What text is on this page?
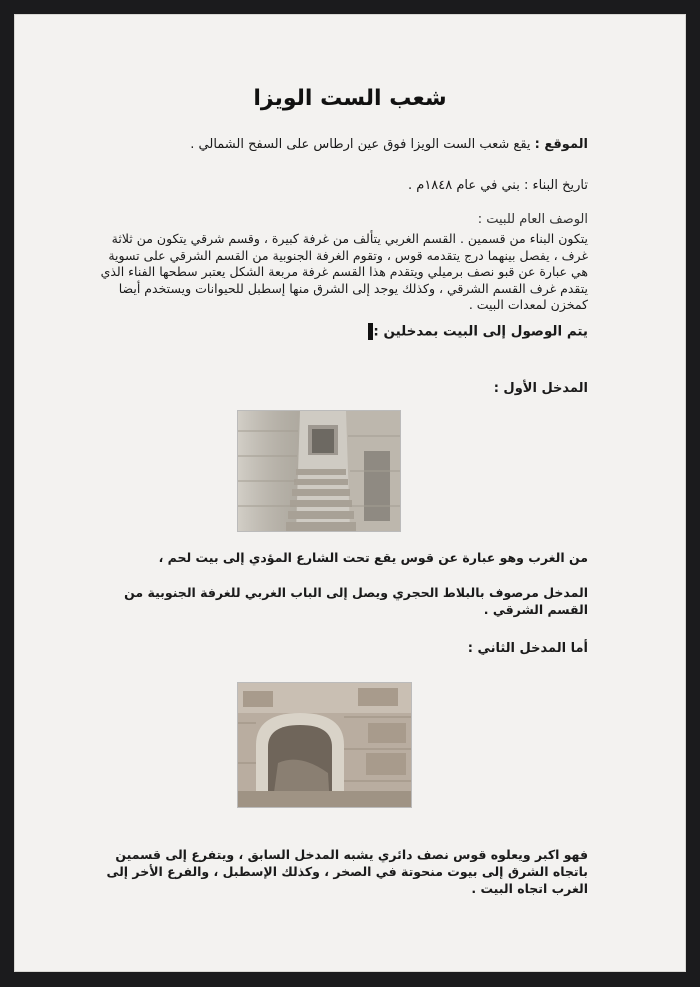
شعب الست الويزا
الموقع : يقع شعب الست الويزا فوق عين ارطاس على السفح الشمالي .
تاريخ البناء : بني في عام ١٨٤٨م .
الوصف العام للبيت :
يتكون البناء من قسمين . القسم الغربي يتألف من غرفة كبيرة ، وقسم شرقي يتكون من ثلاثة غرف ، يفصل بينهما درج يتقدمه قوس ، وتقوم الغرفة الجنوبية من القسم الشرقي على تسوية هي عبارة عن قبو نصف برميلي ويتقدم هذا القسم غرفة مربعة الشكل يعتبر سطحها الفناء الذي يتقدم غرف القسم الشرقي ، وكذلك يوجد إلى الشرق منها إسطبل للحيوانات ويستخدم أيضا كمخزن لمعدات البيت .
يتم الوصول إلى البيت بمدخلين :
المدخل الأول :
من الغرب وهو عبارة عن قوس يقع تحت الشارع المؤدي إلى بيت لحم ،
المدخل مرصوف بالبلاط الحجري ويصل إلى الباب الغربي للغرفة الجنوبية من القسم الشرقي .
أما المدخل الثاني :
فهو اكبر ويعلوه قوس نصف دائري يشبه المدخل السابق ، ويتفرع إلى قسمين باتجاه الشرق إلى بيوت منحوتة في الصخر ، وكذلك الإسطبل ، والفرع الأخر إلى الغرب اتجاه البيت .
